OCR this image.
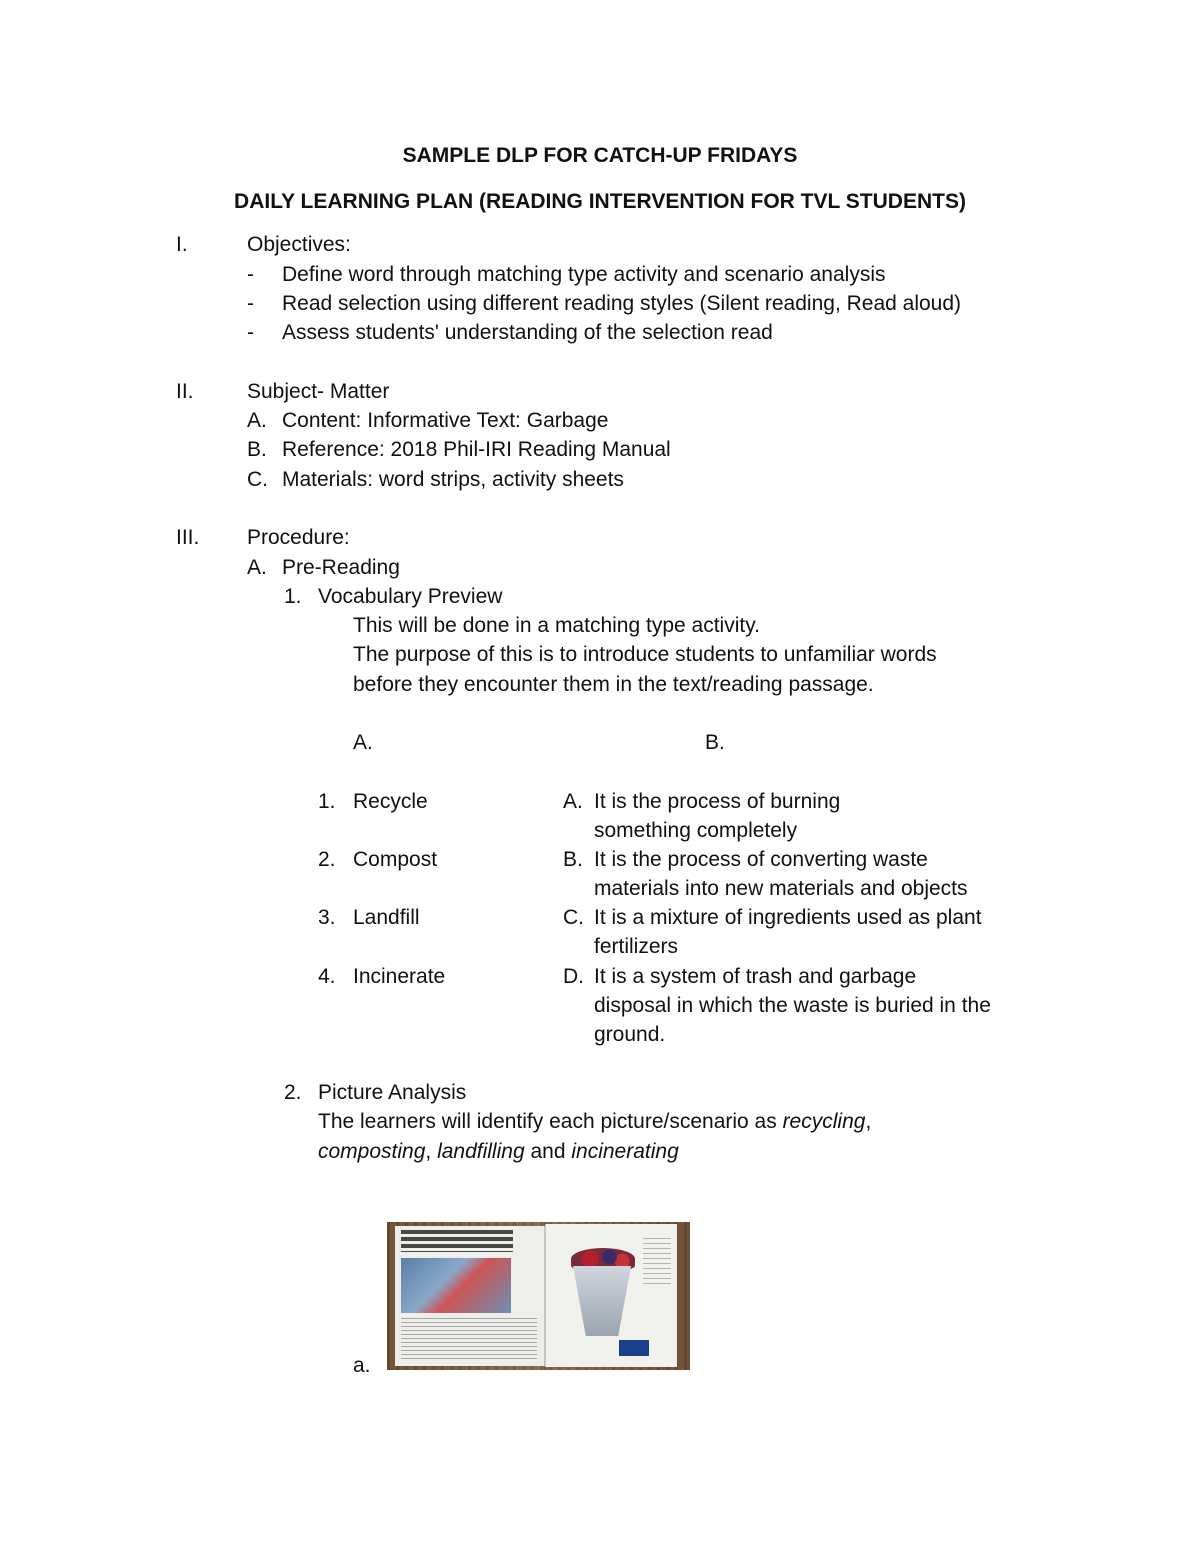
SAMPLE DLP FOR CATCH-UP FRIDAYS
DAILY LEARNING PLAN (READING INTERVENTION FOR TVL STUDENTS)
I.	Objectives:
- Define word through matching type activity and scenario analysis
- Read selection using different reading styles (Silent reading, Read aloud)
- Assess students' understanding of the selection read
II.	Subject- Matter
A. Content: Informative Text: Garbage
B. Reference: 2018 Phil-IRI Reading Manual
C. Materials: word strips, activity sheets
III. Procedure:
A. Pre-Reading
1. Vocabulary Preview
This will be done in a matching type activity.
The purpose of this is to introduce students to unfamiliar words
before they encounter them in the text/reading passage.
A.	B.
1. Recycle	A. It is the process of burning
something completely
2. Compost	B. It is the process of converting waste
materials into new materials and objects
3. Landfill	C. It is a mixture of ingredients used as plant
fertilizers
4. Incinerate	D. It is a system of trash and garbage
disposal in which the waste is buried in the
ground.
2. Picture Analysis
The learners will identify each picture/scenario as recycling,
composting, landfilling and incinerating
a.
